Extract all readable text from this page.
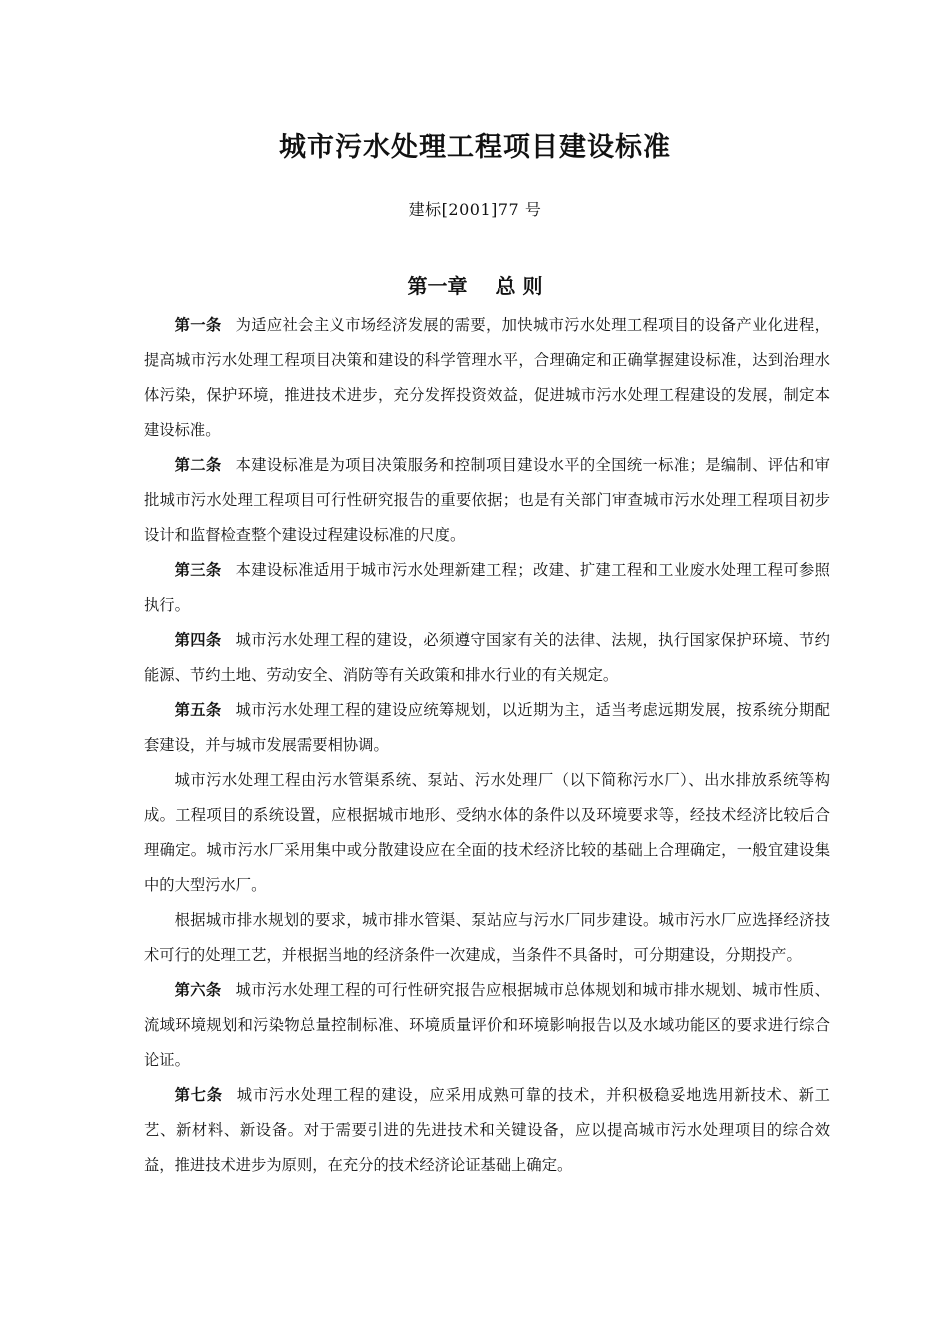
城市污水处理工程项目建设标准
建标[2001]77 号
第一章 总 则

第一条 为适应社会主义市场经济发展的需要，加快城市污水处理工程项目的设备产业化进程，提高城市污水处理工程项目决策和建设的科学管理水平，合理确定和正确掌握建设标准，达到治理水体污染，保护环境，推进技术进步，充分发挥投资效益，促进城市污水处理工程建设的发展，制定本建设标准。

第二条 本建设标准是为项目决策服务和控制项目建设水平的全国统一标准；是编制、评估和审批城市污水处理工程项目可行性研究报告的重要依据；也是有关部门审查城市污水处理工程项目初步设计和监督检查整个建设过程建设标准的尺度。

第三条 本建设标准适用于城市污水处理新建工程；改建、扩建工程和工业废水处理工程可参照执行。

第四条 城市污水处理工程的建设，必须遵守国家有关的法律、法规，执行国家保护环境、节约能源、节约土地、劳动安全、消防等有关政策和排水行业的有关规定。

第五条 城市污水处理工程的建设应统筹规划，以近期为主，适当考虑远期发展，按系统分期配套建设，并与城市发展需要相协调。

城市污水处理工程由污水管渠系统、泵站、污水处理厂（以下简称污水厂）、出水排放系统等构成。工程项目的系统设置，应根据城市地形、受纳水体的条件以及环境要求等，经技术经济比较后合理确定。城市污水厂采用集中或分散建设应在全面的技术经济比较的基础上合理确定，一般宜建设集中的大型污水厂。

根据城市排水规划的要求，城市排水管渠、泵站应与污水厂同步建设。城市污水厂应选择经济技术可行的处理工艺，并根据当地的经济条件一次建成，当条件不具备时，可分期建设，分期投产。

第六条 城市污水处理工程的可行性研究报告应根据城市总体规划和城市排水规划、城市性质、流域环境规划和污染物总量控制标准、环境质量评价和环境影响报告以及水域功能区的要求进行综合论证。

第七条 城市污水处理工程的建设，应采用成熟可靠的技术，并积极稳妥地选用新技术、新工艺、新材料、新设备。对于需要引进的先进技术和关键设备，应以提高城市污水处理项目的综合效益，推进技术进步为原则，在充分的技术经济论证基础上确定。
